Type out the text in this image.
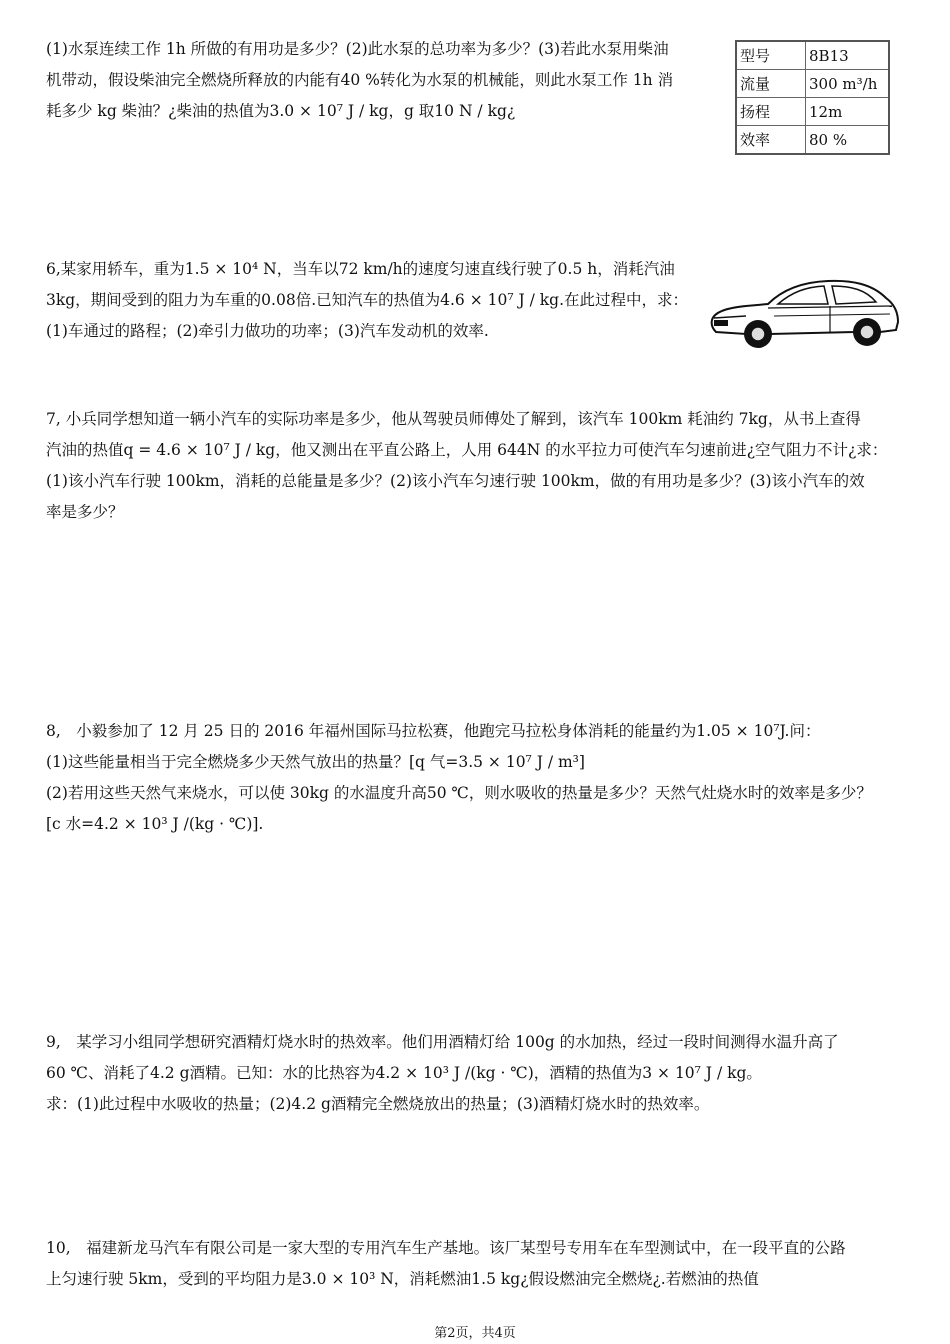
(1)水泵连续工作 1h 所做的有用功是多少？(2)此水泵的总功率为多少？(3)若此水泵用柴油
机带动，假设柴油完全燃烧所释放的内能有40 %转化为水泵的机械能，则此水泵工作 1h 消
耗多少 kg 柴油？¿柴油的热值为3.0 × 10⁷ J / kg，g 取10 N / kg¿
型号	8B13
流量	300 m³/h
扬程	12m
效率	80 %
6,某家用轿车，重为1.5 × 10⁴ N，当车以72 km/h的速度匀速直线行驶了0.5 h，消耗汽油
3kg，期间受到的阻力为车重的0.08倍.已知汽车的热值为4.6 × 10⁷ J / kg.在此过程中，求：
(1)车通过的路程；(2)牵引力做功的功率；(3)汽车发动机的效率.
7, 小兵同学想知道一辆小汽车的实际功率是多少，他从驾驶员师傅处了解到，该汽车 100km 耗油约 7kg，从书上查得
汽油的热值q = 4.6 × 10⁷ J / kg，他又测出在平直公路上，人用 644N 的水平拉力可使汽车匀速前进¿空气阻力不计¿求：
(1)该小汽车行驶 100km，消耗的总能量是多少？(2)该小汽车匀速行驶 100km，做的有用功是多少？(3)该小汽车的效
率是多少？
8,　小毅参加了 12 月 25 日的 2016 年福州国际马拉松赛，他跑完马拉松身体消耗的能量约为1.05 × 10⁷J.问：
(1)这些能量相当于完全燃烧多少天然气放出的热量？[q 气=3.5 × 10⁷ J / m³]
(2)若用这些天然气来烧水，可以使 30kg 的水温度升高50 ℃，则水吸收的热量是多少？天然气灶烧水时的效率是多少？
[c 水=4.2 × 10³ J /(kg · ℃)].
9,　某学习小组同学想研究酒精灯烧水时的热效率。他们用酒精灯给 100g 的水加热，经过一段时间测得水温升高了
60 ℃、消耗了4.2 g酒精。已知：水的比热容为4.2 × 10³ J /(kg · ℃)，酒精的热值为3 × 10⁷ J / kg。
求：(1)此过程中水吸收的热量；(2)4.2 g酒精完全燃烧放出的热量；(3)酒精灯烧水时的热效率。
10,　福建新龙马汽车有限公司是一家大型的专用汽车生产基地。该厂某型号专用车在车型测试中，在一段平直的公路
上匀速行驶 5km，受到的平均阻力是3.0 × 10³ N，消耗燃油1.5 kg¿假设燃油完全燃烧¿.若燃油的热值
第2页，共4页
